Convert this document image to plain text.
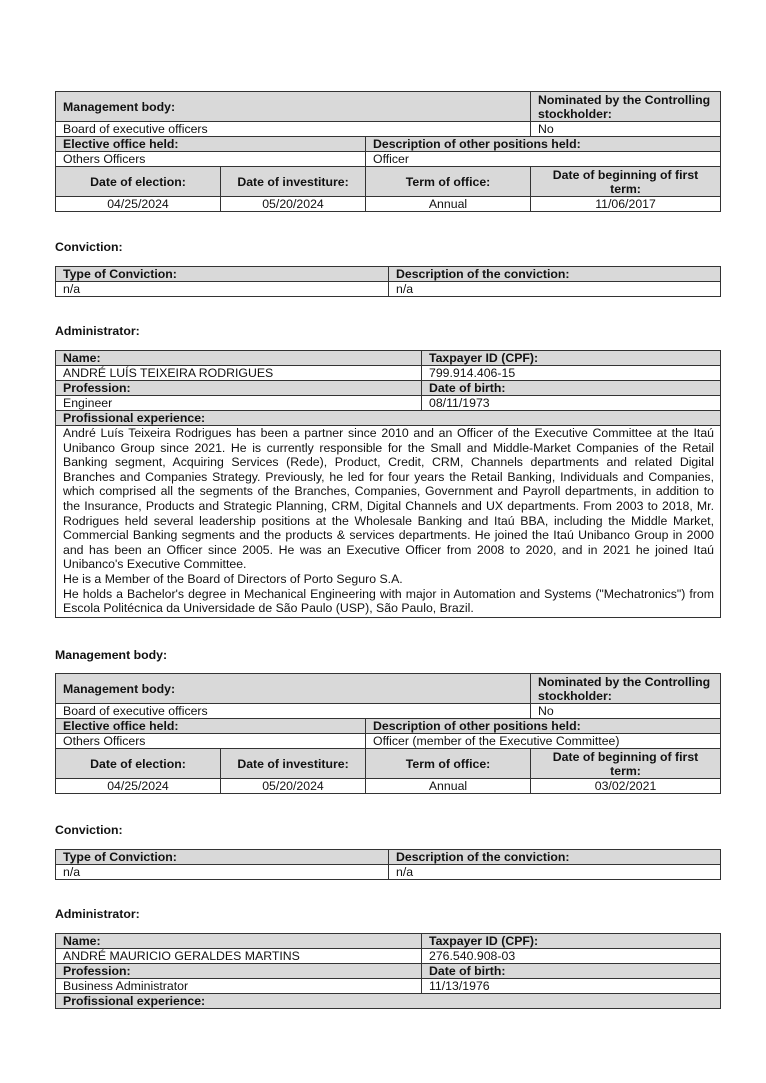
Management body:			Nominated by the Controlling stockholder:
Board of executive officers			No
Elective office held:		Description of other positions held:	
Others Officers		Officer	
Date of election:	Date of investiture:	Term of office:	Date of beginning of first term:
04/25/2024	05/20/2024	Annual	11/06/2017
Conviction:
Type of Conviction:	Description of the conviction:
n/a	n/a
Administrator:
Name:	Taxpayer ID (CPF):
ANDRÉ LUÍS TEIXEIRA RODRIGUES	799.914.406-15
Profession:	Date of birth:
Engineer	08/11/1973
Profissional experience:	

André Luís Teixeira Rodrigues has been a partner since 2010 and an Officer of the Executive Committee at the Itaú Unibanco Group since 2021. He is currently responsible for the Small and Middle-Market Companies of the Retail Banking segment, Acquiring Services (Rede), Product, Credit, CRM, Channels departments and related Digital Branches and Companies Strategy. Previously, he led for four years the Retail Banking, Individuals and Companies, which comprised all the segments of the Branches, Companies, Government and Payroll departments, in addition to the Insurance, Products and Strategic Planning, CRM, Digital Channels and UX departments. From 2003 to 2018, Mr. Rodrigues held several leadership positions at the Wholesale Banking and Itaú BBA, including the Middle Market, Commercial Banking segments and the products & services departments. He joined the Itaú Unibanco Group in 2000 and has been an Officer since 2005. He was an Executive Officer from 2008 to 2020, and in 2021 he joined Itaú Unibanco's Executive Committee.
He is a Member of the Board of Directors of Porto Seguro S.A.
He holds a Bachelor's degree in Mechanical Engineering with major in Automation and Systems ("Mechatronics") from Escola Politécnica da Universidade de São Paulo (USP), São Paulo, Brazil.	
Management body:
Management body:			Nominated by the Controlling stockholder:
Board of executive officers			No
Elective office held:		Description of other positions held:	
Others Officers		Officer (member of the Executive Committee)	
Date of election:	Date of investiture:	Term of office:	Date of beginning of first term:
04/25/2024	05/20/2024	Annual	03/02/2021
Conviction:
Type of Conviction:	Description of the conviction:
n/a	n/a
Administrator:
Name:	Taxpayer ID (CPF):
ANDRÉ MAURICIO GERALDES MARTINS	276.540.908-03
Profession:	Date of birth:
Business Administrator	11/13/1976
Profissional experience:	
